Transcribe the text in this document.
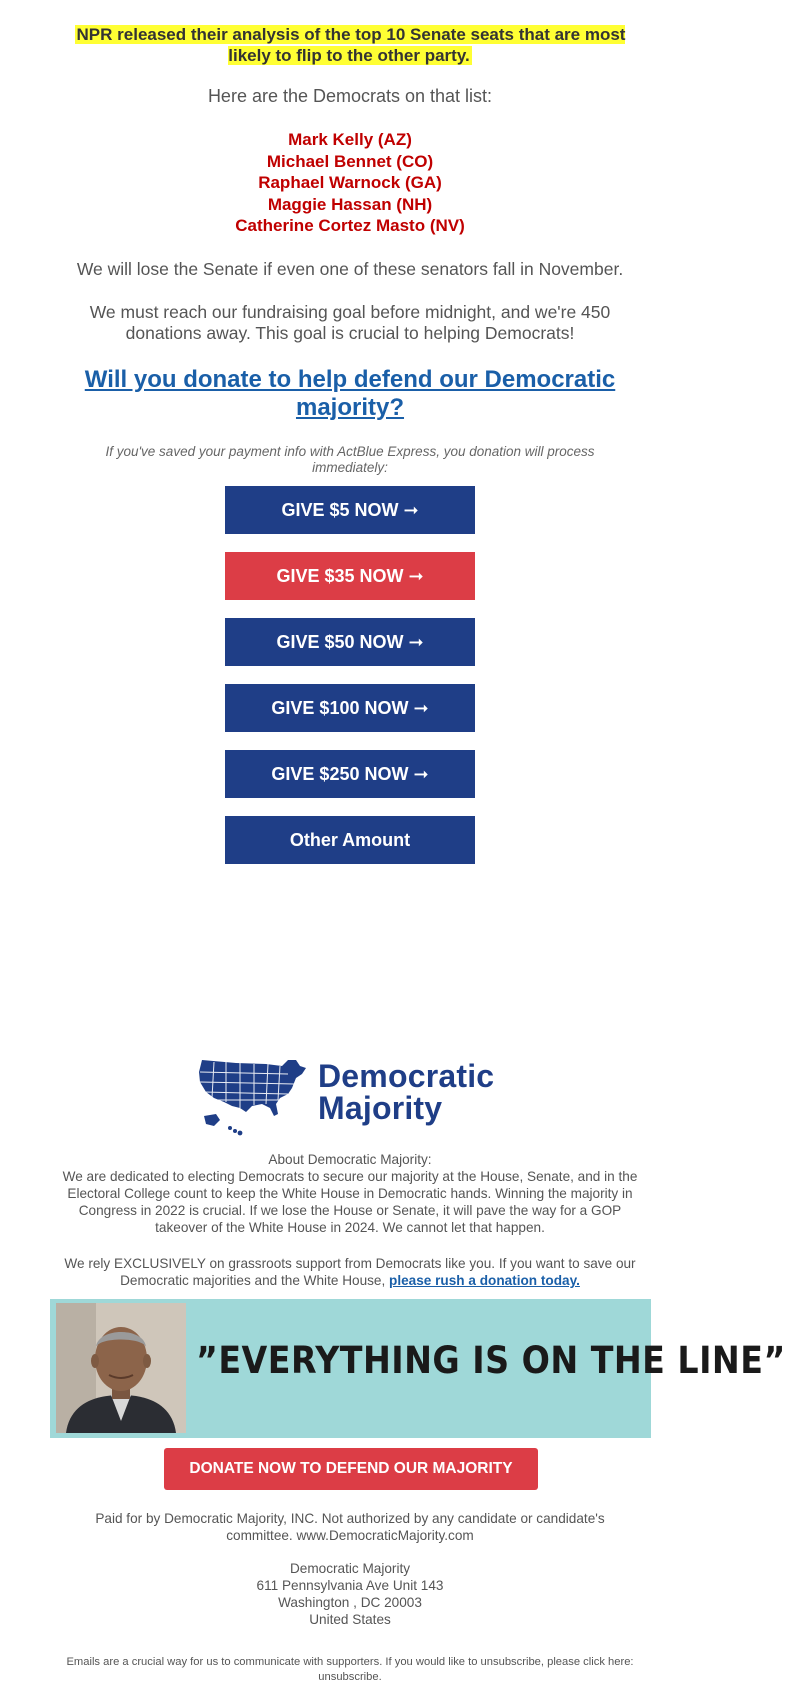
NPR released their analysis of the top 10 Senate seats that are most likely to flip to the other party.
Here are the Democrats on that list:
Mark Kelly (AZ)
Michael Bennet (CO)
Raphael Warnock (GA)
Maggie Hassan (NH)
Catherine Cortez Masto (NV)
We will lose the Senate if even one of these senators fall in November.
We must reach our fundraising goal before midnight, and we're 450 donations away. This goal is crucial to helping Democrats!
Will you donate to help defend our Democratic majority?
If you've saved your payment info with ActBlue Express, you donation will process immediately:
GIVE $5 NOW ➞
GIVE $35 NOW ➞
GIVE $50 NOW ➞
GIVE $100 NOW ➞
GIVE $250 NOW ➞
Other Amount
Democratic
Majority
About Democratic Majority:
We are dedicated to electing Democrats to secure our majority at the House, Senate, and in the Electoral College count to keep the White House in Democratic hands. Winning the majority in Congress in 2022 is crucial. If we lose the House or Senate, it will pave the way for a GOP takeover of the White House in 2024. We cannot let that happen.
We rely EXCLUSIVELY on grassroots support from Democrats like you. If you want to save our Democratic majorities and the White House, please rush a donation today.
”EVERYTHING IS ON THE LINE”
DONATE NOW TO DEFEND OUR MAJORITY
Paid for by Democratic Majority, INC. Not authorized by any candidate or candidate's committee. www.DemocraticMajority.com
Democratic Majority
611 Pennsylvania Ave Unit 143
Washington , DC 20003
United States
Emails are a crucial way for us to communicate with supporters. If you would like to unsubscribe, please click here: unsubscribe.
